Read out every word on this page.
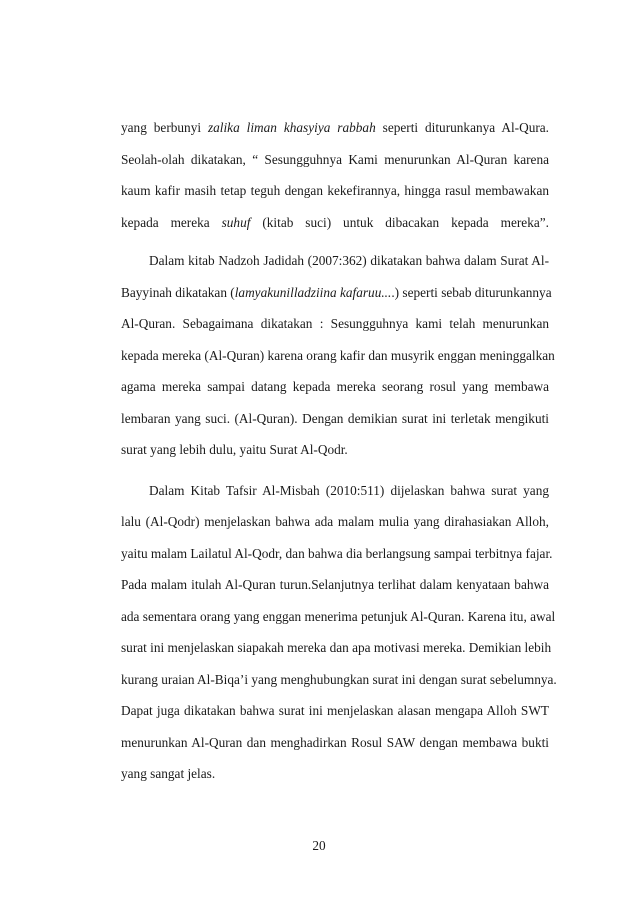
yang berbunyi zalika liman khasyiya rabbah seperti diturunkanya Al-Qura.
Seolah-olah dikatakan, “ Sesungguhnya Kami menurunkan Al-Quran karena
kaum kafir masih tetap teguh dengan kekefirannya, hingga rasul membawakan
kepada mereka suhuf (kitab suci) untuk dibacakan kepada mereka”.
Dalam kitab Nadzoh Jadidah (2007:362) dikatakan bahwa dalam Surat Al-
Bayyinah dikatakan (lamyakunilladziina kafaruu....) seperti sebab diturunkannya
Al-Quran. Sebagaimana dikatakan : Sesungguhnya kami telah menurunkan
kepada mereka (Al-Quran) karena orang kafir dan musyrik enggan meninggalkan
agama mereka sampai datang kepada mereka seorang rosul yang membawa
lembaran yang suci. (Al-Quran). Dengan demikian surat ini terletak mengikuti
surat yang lebih dulu, yaitu Surat Al-Qodr.
Dalam Kitab Tafsir Al-Misbah (2010:511) dijelaskan bahwa surat yang
lalu (Al-Qodr) menjelaskan bahwa ada malam mulia yang dirahasiakan Alloh,
yaitu malam Lailatul Al-Qodr, dan bahwa dia berlangsung sampai terbitnya fajar.
Pada malam itulah Al-Quran turun.Selanjutnya terlihat dalam kenyataan bahwa
ada sementara orang yang enggan menerima petunjuk Al-Quran. Karena itu, awal
surat ini menjelaskan siapakah mereka dan apa motivasi mereka. Demikian lebih
kurang uraian Al-Biqa’i yang menghubungkan surat ini dengan surat sebelumnya.
Dapat juga dikatakan bahwa surat ini menjelaskan alasan mengapa Alloh SWT
menurunkan Al-Quran dan menghadirkan Rosul SAW dengan membawa bukti
yang sangat jelas.
20
